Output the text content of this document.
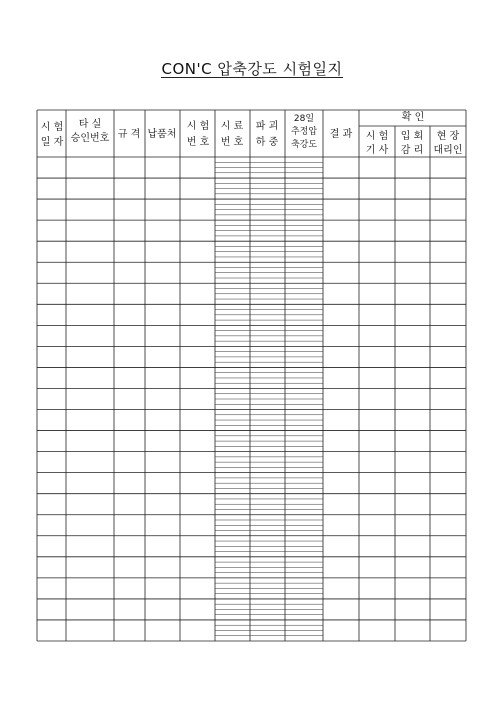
CON'C 압축강도 시험일지
시 험
일 자
타 실
승인번호 규 격 납품처
시 험
번 호
시 료
번 호
파 괴
하 중
28일
추정압
축강도
결 과
확 인
시 험
기 사
입 회
감 리
현 장
대리인
